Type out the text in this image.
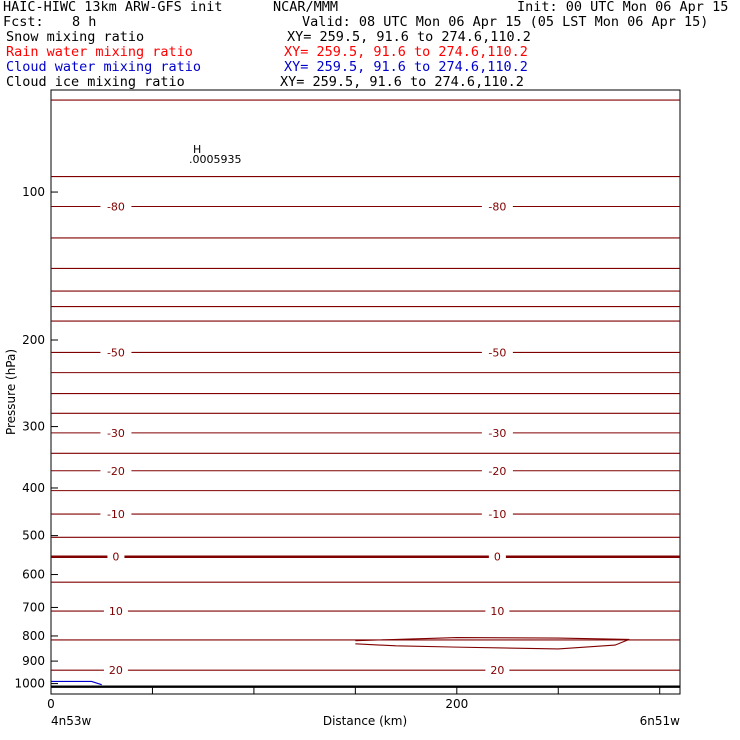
HAIC-HIWC 13km ARW-GFS init	NCAR/MMM	Init: 00 UTC Mon 06 Apr 15
Fcst: 8 h	Valid: 08 UTC Mon 06 Apr 15 (05 LST Mon 06 Apr 15)
Snow mixing ratio	XY= 259.5, 91.6 to 274.6,110.2
Rain water mixing ratio	XY= 259.5, 91.6 to 274.6,110.2
Cloud water mixing ratio	XY= 259.5, 91.6 to 274.6,110.2
Cloud ice mixing ratio	XY= 259.5, 91.6 to 274.6,110.2
-80	-80
-50	-50
-30	-30
-20	-20
-10	-10
0	0
10	10
20	20
100
200
300
400
500
600
700
800
900
1000
0	200
Pressure (hPa)
Distance (km)
4n53w	6n51w
H
.0005935
